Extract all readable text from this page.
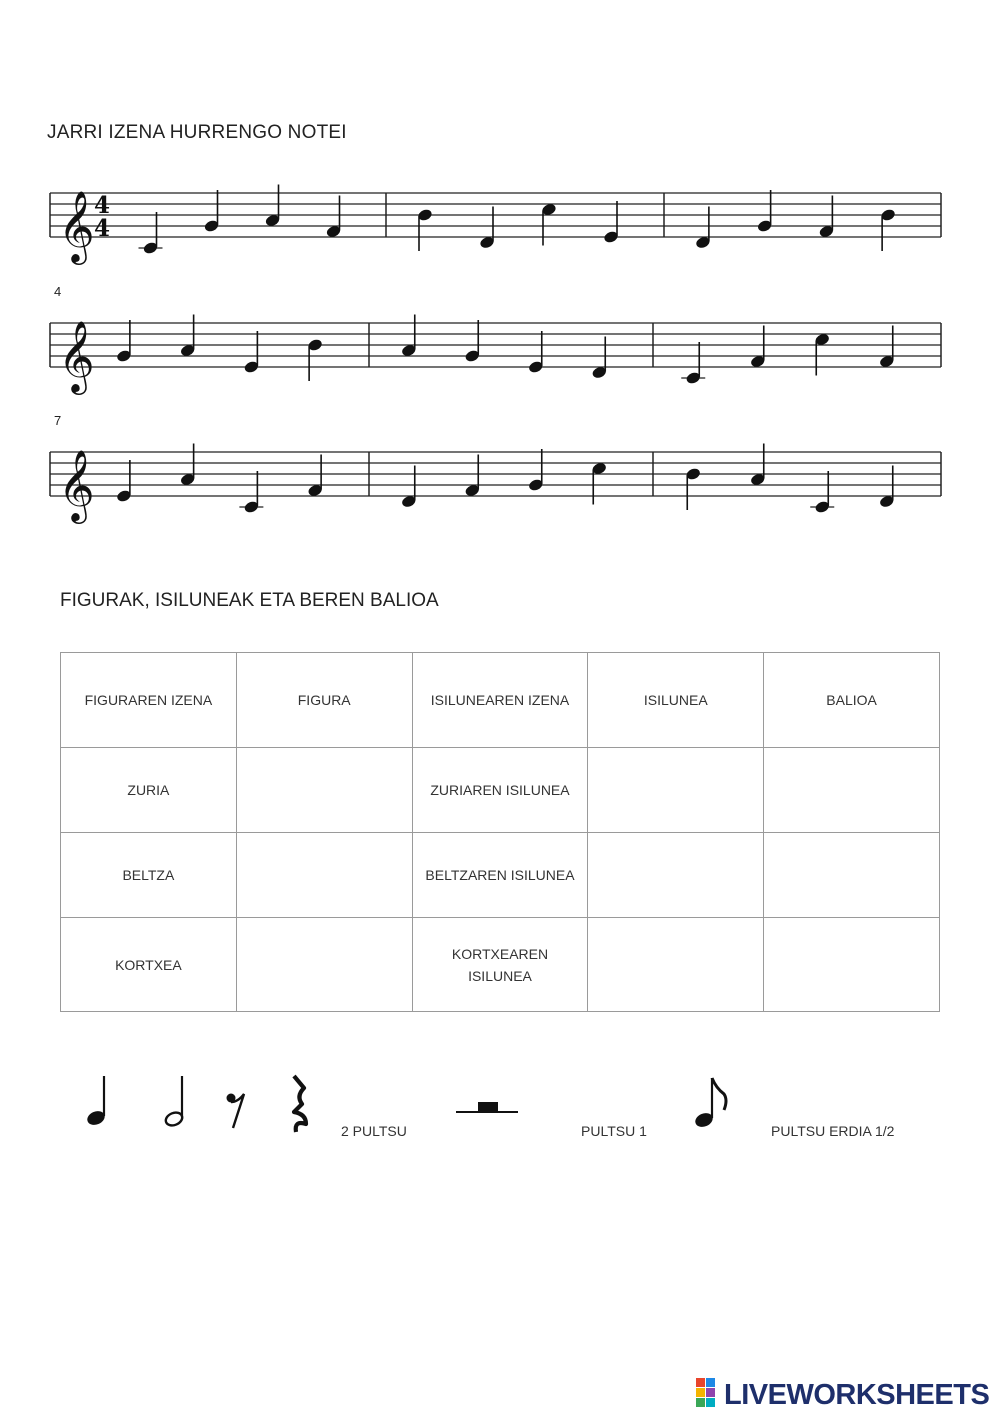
JARRI IZENA HURRENGO NOTEI
𝄞 4
4
𝄞
𝄞
4
7
FIGURAK, ISILUNEAK ETA BEREN BALIOA
FIGURAREN IZENA	FIGURA	ISILUNEAREN IZENA	ISILUNEA	BALIOA
ZURIA		ZURIAREN ISILUNEA		
BELTZA		BELTZAREN ISILUNEA		
KORTXEA		KORTXEAREN ISILUNEA		
2 PULTSU	PULTSU 1	PULTSU ERDIA 1/2
LIVEWORKSHEETS
